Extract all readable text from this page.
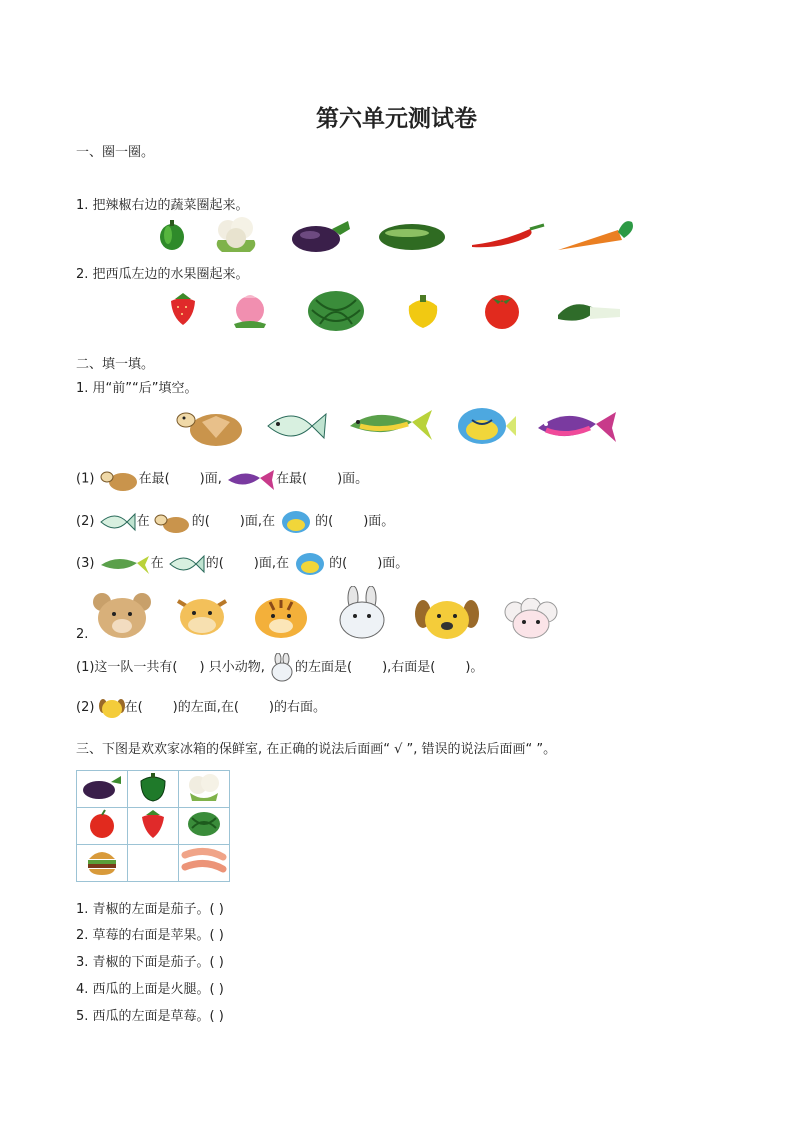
第六单元测试卷
一、圈一圈。
1. 把辣椒右边的蔬菜圈起来。
2. 把西瓜左边的水果圈起来。
二、填一填。
1. 用“前”“后”填空。
(1)	在最( )面,	在最( )面。
(2)	在	的( )面,在	的( )面。
(3)	在	的( )面,在	的( )面。
2.
(1)这一队一共有( ) 只小动物, 的左面是( ),右面是( )。
(2) 在( )的左面,在( )的右面。
三、下图是欢欢家冰箱的保鲜室, 在正确的说法后面画“ √ ”, 错误的说法后面画“ ”。

1. 青椒的左面是茄子。( )
2. 草莓的右面是苹果。( )
3. 青椒的下面是茄子。( )
4. 西瓜的上面是火腿。( )
5. 西瓜的左面是草莓。( )
